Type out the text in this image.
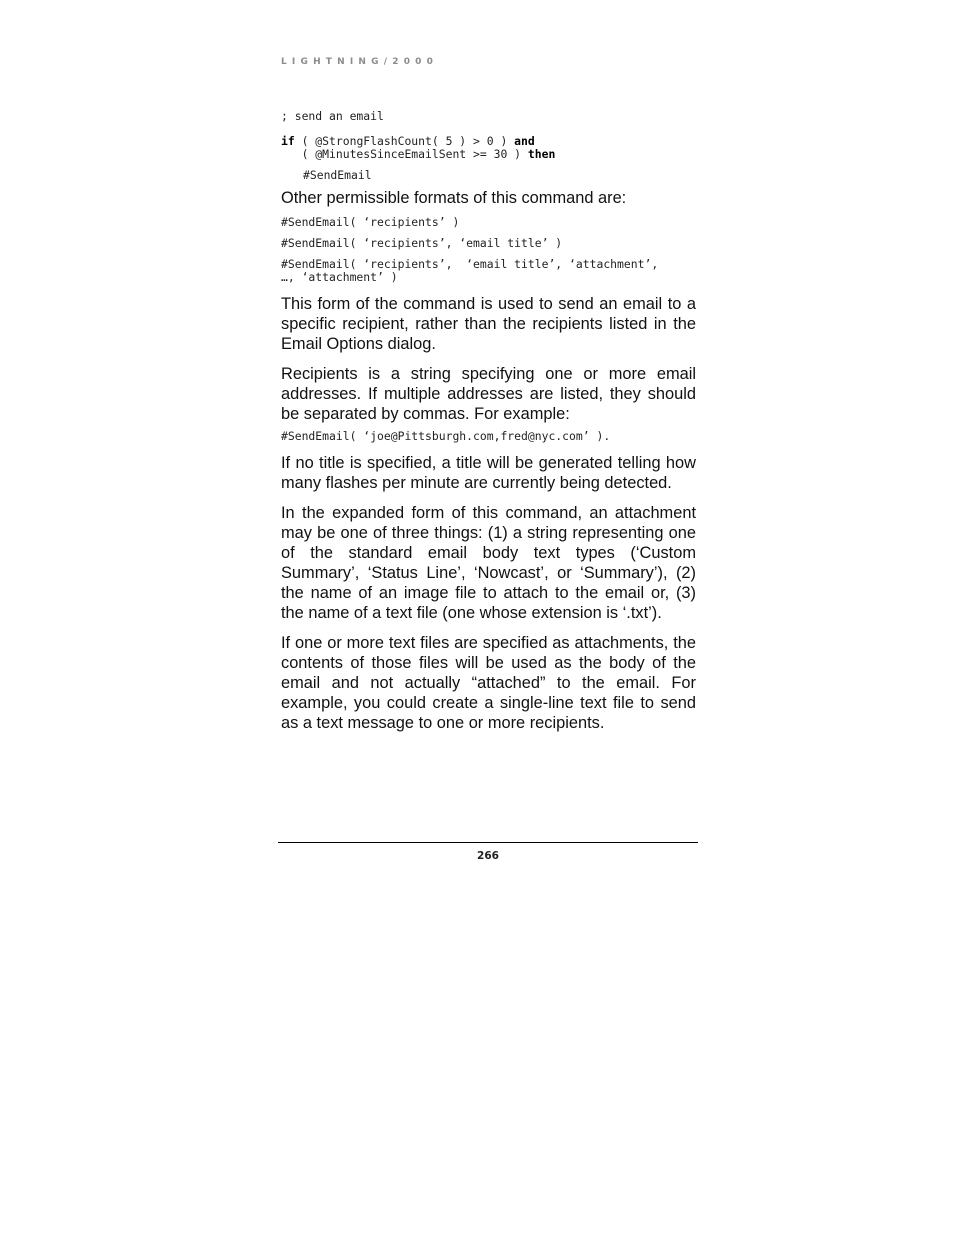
LIGHTNING/2000
; send an email
if ( @StrongFlashCount( 5 ) > 0 ) and
( @MinutesSinceEmailSent >= 30 ) then
#SendEmail

Other permissible formats of this command are:

#SendEmail( ‘recipients’ )
#SendEmail( ‘recipients’, ‘email title’ )
#SendEmail( ‘recipients’,  ‘email title’, ‘attachment’,
…, ‘attachment’ )

This form of the command is used to send an email to a specific recipient, rather than the recipients listed in the Email Options dialog.

Recipients is a string specifying one or more email addresses. If multiple addresses are listed, they should be separated by commas. For example:

#SendEmail( ‘joe@Pittsburgh.com,fred@nyc.com’ ).

If no title is specified, a title will be generated telling how many flashes per minute are currently being detected.

In the expanded form of this command, an attachment may be one of three things: (1) a string representing one of the standard email body text types (‘Custom Summary’, ‘Status Line’, ‘Nowcast’, or ‘Summary’), (2) the name of an image file to attach to the email or, (3) the name of a text file (one whose extension is ‘.txt’).

If one or more text files are specified as attachments, the contents of those files will be used as the body of the email and not actually “attached” to the email. For example, you could create a single-line text file to send as a text message to one or more recipients.

266
